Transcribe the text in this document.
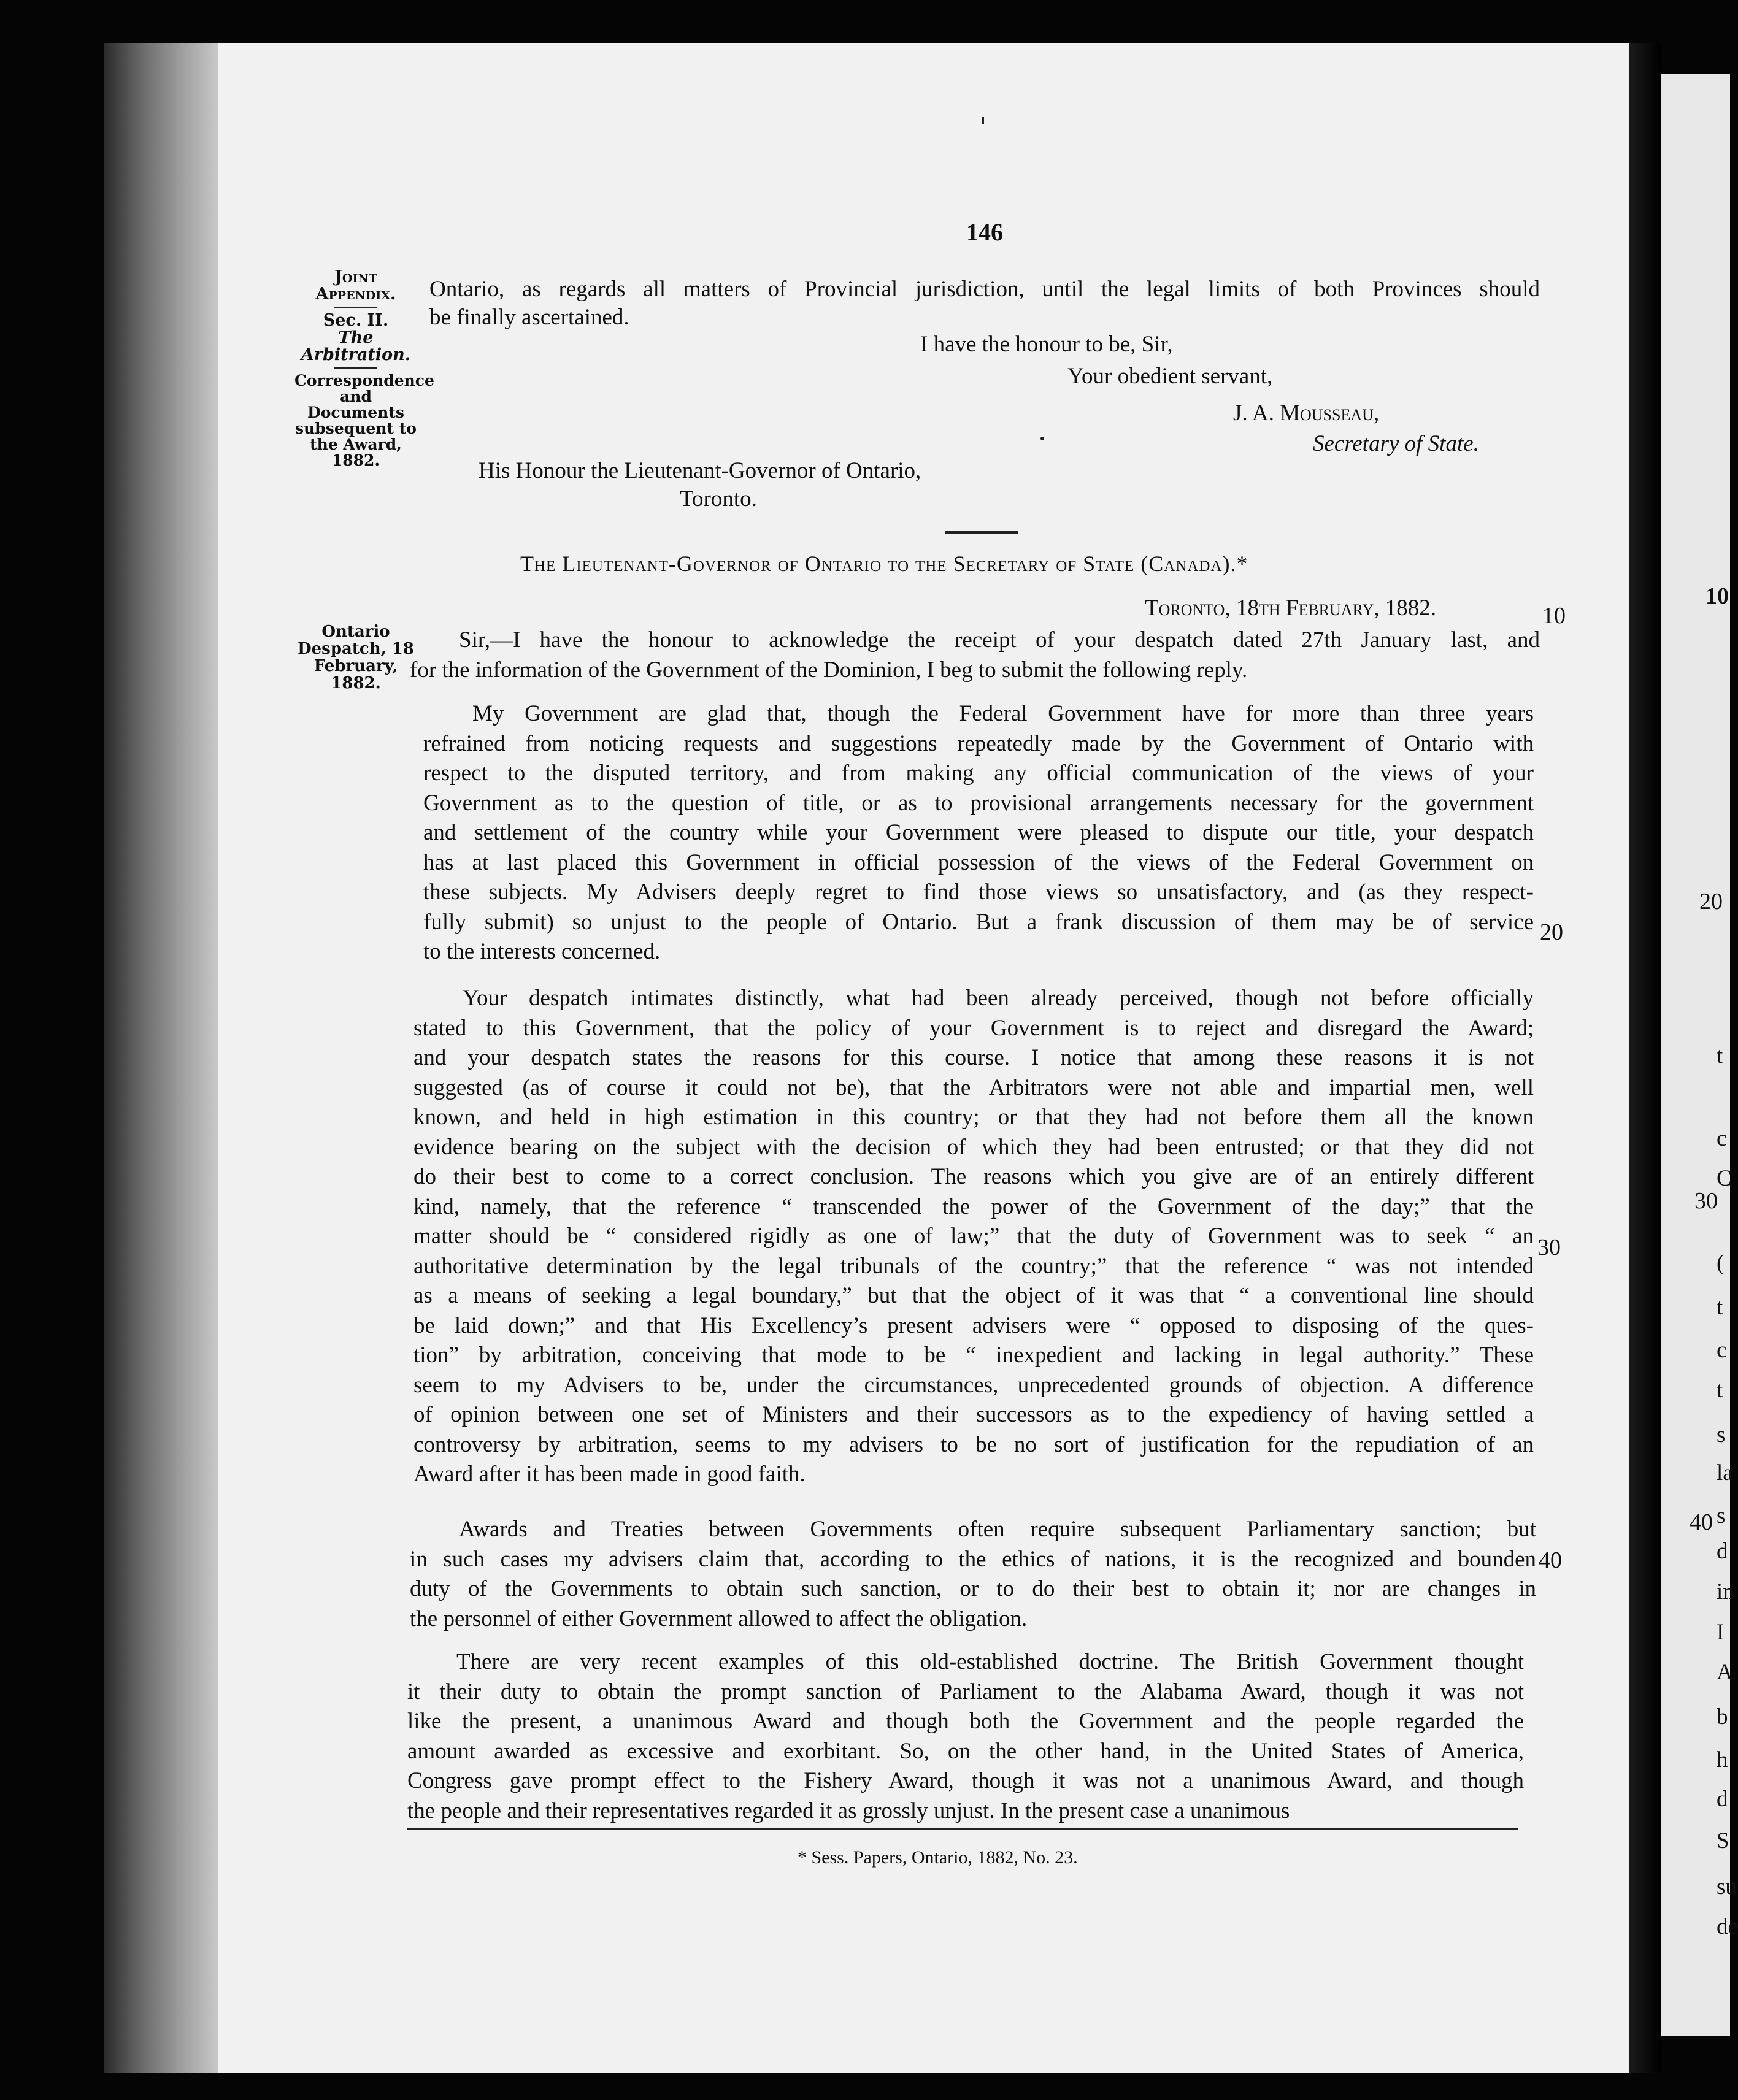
146
Joint Appendix.
Sec. II.
The Arbitration.
Correspondence and Documents subsequent to the Award, 1882.
Ontario Despatch, 18 February, 1882.
Ontario, as regards all matters of Provincial jurisdiction, until the legal limits of both Provinces should
be finally ascertained.
I have the honour to be, Sir,
Your obedient servant,
J. A. Mousseau,
Secretary of State.
His Honour the Lieutenant-Governor of Ontario,
Toronto.
The Lieutenant-Governor of Ontario to the Secretary of State (Canada).*
Toronto, 18th February, 1882.
Sir,—I have the honour to acknowledge the receipt of your despatch dated 27th January last, and
for the information of the Government of the Dominion, I beg to submit the following reply.
My Government are glad that, though the Federal Government have for more than three years
refrained from noticing requests and suggestions repeatedly made by the Government of Ontario with
respect to the disputed territory, and from making any official communication of the views of your
Government as to the question of title, or as to provisional arrangements necessary for the government
and settlement of the country while your Government were pleased to dispute our title, your despatch
has at last placed this Government in official possession of the views of the Federal Government on
these subjects. My Advisers deeply regret to find those views so unsatisfactory, and (as they respect-
fully submit) so unjust to the people of Ontario. But a frank discussion of them may be of service
to the interests concerned.
Your despatch intimates distinctly, what had been already perceived, though not before officially
stated to this Government, that the policy of your Government is to reject and disregard the Award;
and your despatch states the reasons for this course. I notice that among these reasons it is not
suggested (as of course it could not be), that the Arbitrators were not able and impartial men, well
known, and held in high estimation in this country; or that they had not before them all the known
evidence bearing on the subject with the decision of which they had been entrusted; or that they did not
do their best to come to a correct conclusion. The reasons which you give are of an entirely different
kind, namely, that the reference “ transcended the power of the Government of the day;” that the
matter should be “ considered rigidly as one of law;” that the duty of Government was to seek “ an
authoritative determination by the legal tribunals of the country;” that the reference “ was not intended
as a means of seeking a legal boundary,” but that the object of it was that “ a conventional line should
be laid down;” and that His Excellency’s present advisers were “ opposed to disposing of the ques-
tion” by arbitration, conceiving that mode to be “ inexpedient and lacking in legal authority.” These
seem to my Advisers to be, under the circumstances, unprecedented grounds of objection. A difference
of opinion between one set of Ministers and their successors as to the expediency of having settled a
controversy by arbitration, seems to my advisers to be no sort of justification for the repudiation of an
Award after it has been made in good faith.
Awards and Treaties between Governments often require subsequent Parliamentary sanction; but
in such cases my advisers claim that, according to the ethics of nations, it is the recognized and bounden
duty of the Governments to obtain such sanction, or to do their best to obtain it; nor are changes in
the personnel of either Government allowed to affect the obligation.
There are very recent examples of this old-established doctrine. The British Government thought
it their duty to obtain the prompt sanction of Parliament to the Alabama Award, though it was not
like the present, a unanimous Award and though both the Government and the people regarded the
amount awarded as excessive and exorbitant. So, on the other hand, in the United States of America,
Congress gave prompt effect to the Fishery Award, though it was not a unanimous Award, and though
the people and their representatives regarded it as grossly unjust. In the present case a unanimous
10
20
30
40
* Sess. Papers, Ontario, 1882, No. 23.
10
20
30
40
t
c
C
(
t
c
t
s
la
s
d
in
I
A
b
h
d
S
su
de
